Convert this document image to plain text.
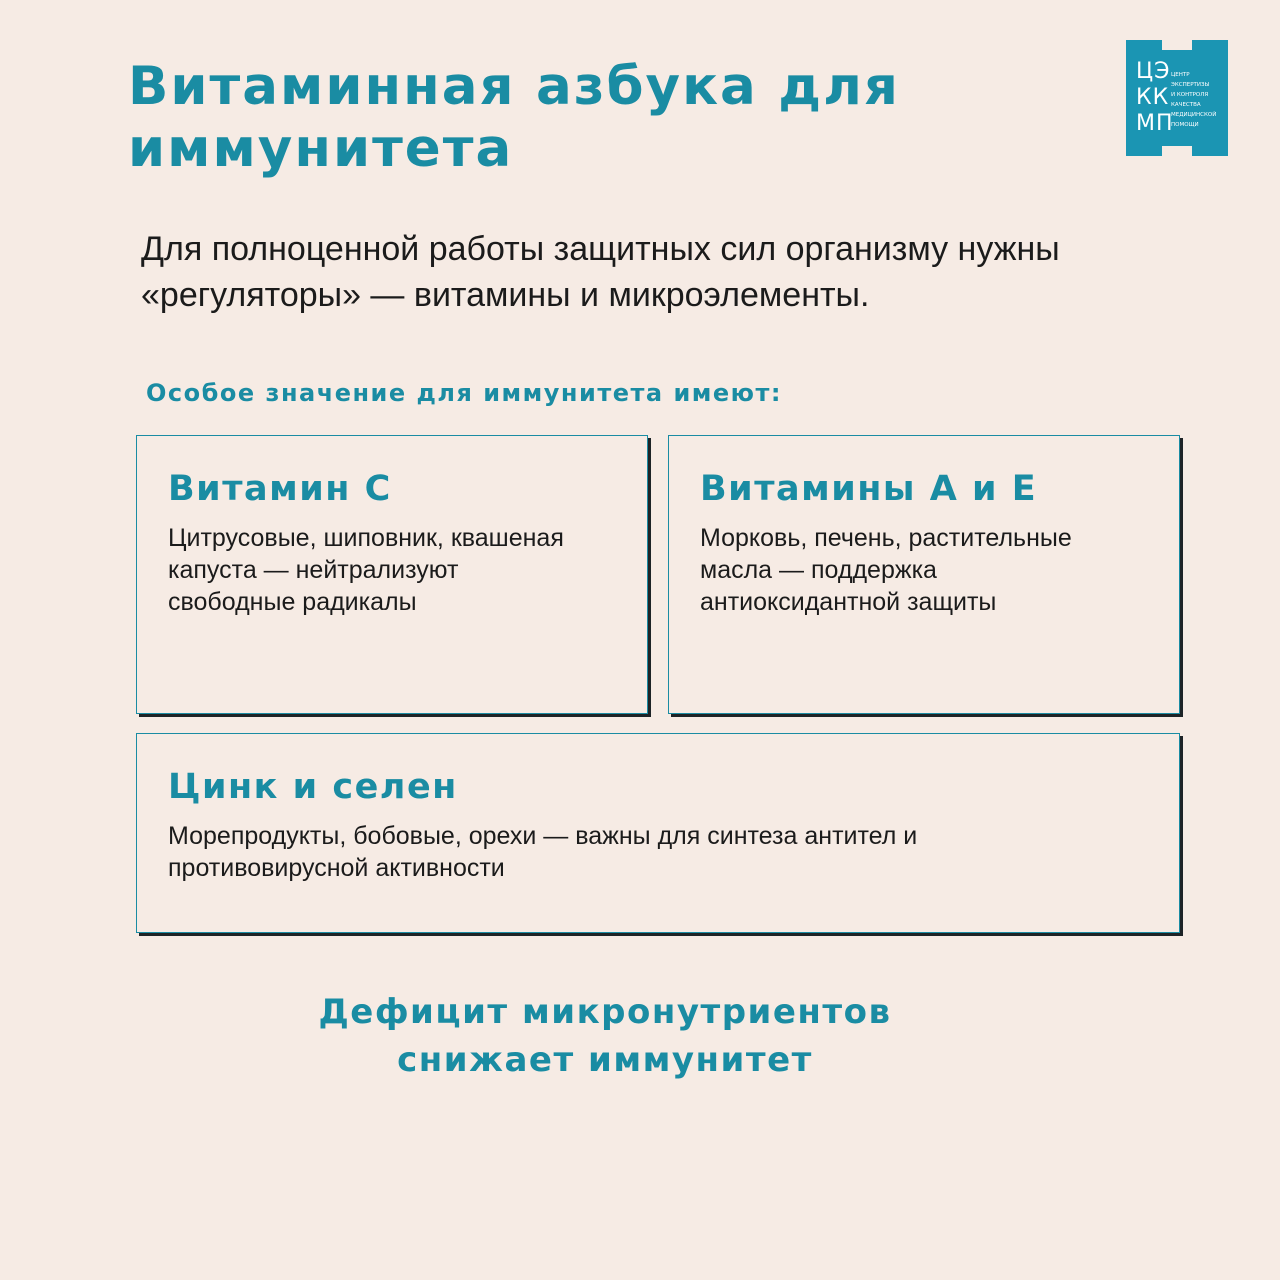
Витаминная азбука для
иммунитета
ЦЭ
КК
МП
ЦЕНТР
ЭКСПЕРТИЗЫ
И КОНТРОЛЯ
КАЧЕСТВА
МЕДИЦИНСКОЙ
ПОМОЩИ

Для полноценной работы защитных сил организму нужны
«регуляторы» — витамины и микроэлементы.

Особое значение для иммунитета имеют:
Витамин С

Цитрусовые, шиповник, квашеная
капуста — нейтрализуют
свободные радикалы

Витамины А и Е

Морковь, печень, растительные
масла — поддержка
антиоксидантной защиты

Цинк и селен

Морепродукты, бобовые, орехи — важны для синтеза антител и
противовирусной активности

Дефицит микронутриентов
снижает иммунитет
